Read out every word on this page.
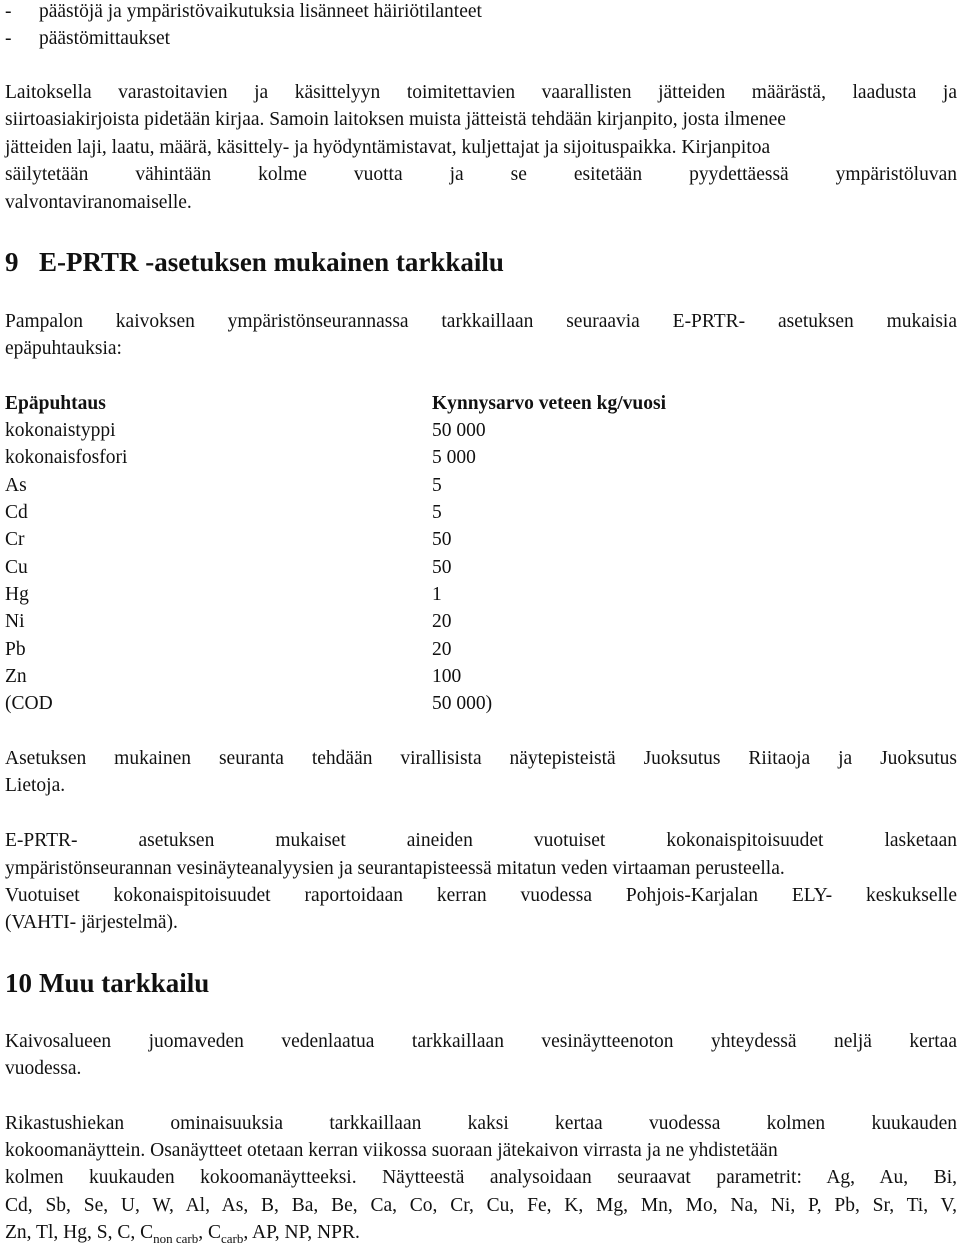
- päästöjä ja ympäristövaikutuksia lisänneet häiriötilanteet
- päästömittaukset
Laitoksella varastoitavien ja käsittelyyn toimitettavien vaarallisten jätteiden määrästä, laadusta ja
siirtoasiakirjoista pidetään kirjaa. Samoin laitoksen muista jätteistä tehdään kirjanpito, josta ilmenee
jätteiden laji, laatu, määrä, käsittely- ja hyödyntämistavat, kuljettajat ja sijoituspaikka. Kirjanpitoa
säilytetään vähintään kolme vuotta ja se esitetään pyydettäessä ympäristöluvan
valvontaviranomaiselle.
9 E-PRTR -asetuksen mukainen tarkkailu
Pampalon kaivoksen ympäristönseurannassa tarkkaillaan seuraavia E-PRTR- asetuksen mukaisia
epäpuhtauksia:
Epäpuhtaus	Kynnysarvo veteen kg/vuosi
kokonaistyppi	50 000
kokonaisfosfori	5 000
As	5
Cd	5
Cr	50
Cu	50
Hg	1
Ni	20
Pb	20
Zn	100
(COD	50 000)
Asetuksen mukainen seuranta tehdään virallisista näytepisteistä Juoksutus Riitaoja ja Juoksutus
Lietoja.
E-PRTR- asetuksen mukaiset aineiden vuotuiset kokonaispitoisuudet lasketaan
ympäristönseurannan vesinäyteanalyysien ja seurantapisteessä mitatun veden virtaaman perusteella.
Vuotuiset kokonaispitoisuudet raportoidaan kerran vuodessa Pohjois-Karjalan ELY- keskukselle
(VAHTI- järjestelmä).
10 Muu tarkkailu
Kaivosalueen juomaveden vedenlaatua tarkkaillaan vesinäytteenoton yhteydessä neljä kertaa
vuodessa.
Rikastushiekan ominaisuuksia tarkkaillaan kaksi kertaa vuodessa kolmen kuukauden
kokoomanäyttein. Osanäytteet otetaan kerran viikossa suoraan jätekaivon virrasta ja ne yhdistetään
kolmen kuukauden kokoomanäytteeksi. Näytteestä analysoidaan seuraavat parametrit: Ag, Au, Bi,
Cd, Sb, Se, U, W, Al, As, B, Ba, Be, Ca, Co, Cr, Cu, Fe, K, Mg, Mn, Mo, Na, Ni, P, Pb, Sr, Ti, V,
Zn, Tl, Hg, S, C, $C_{non carb}$, $C_{carb}$, AP, NP, NPR.
